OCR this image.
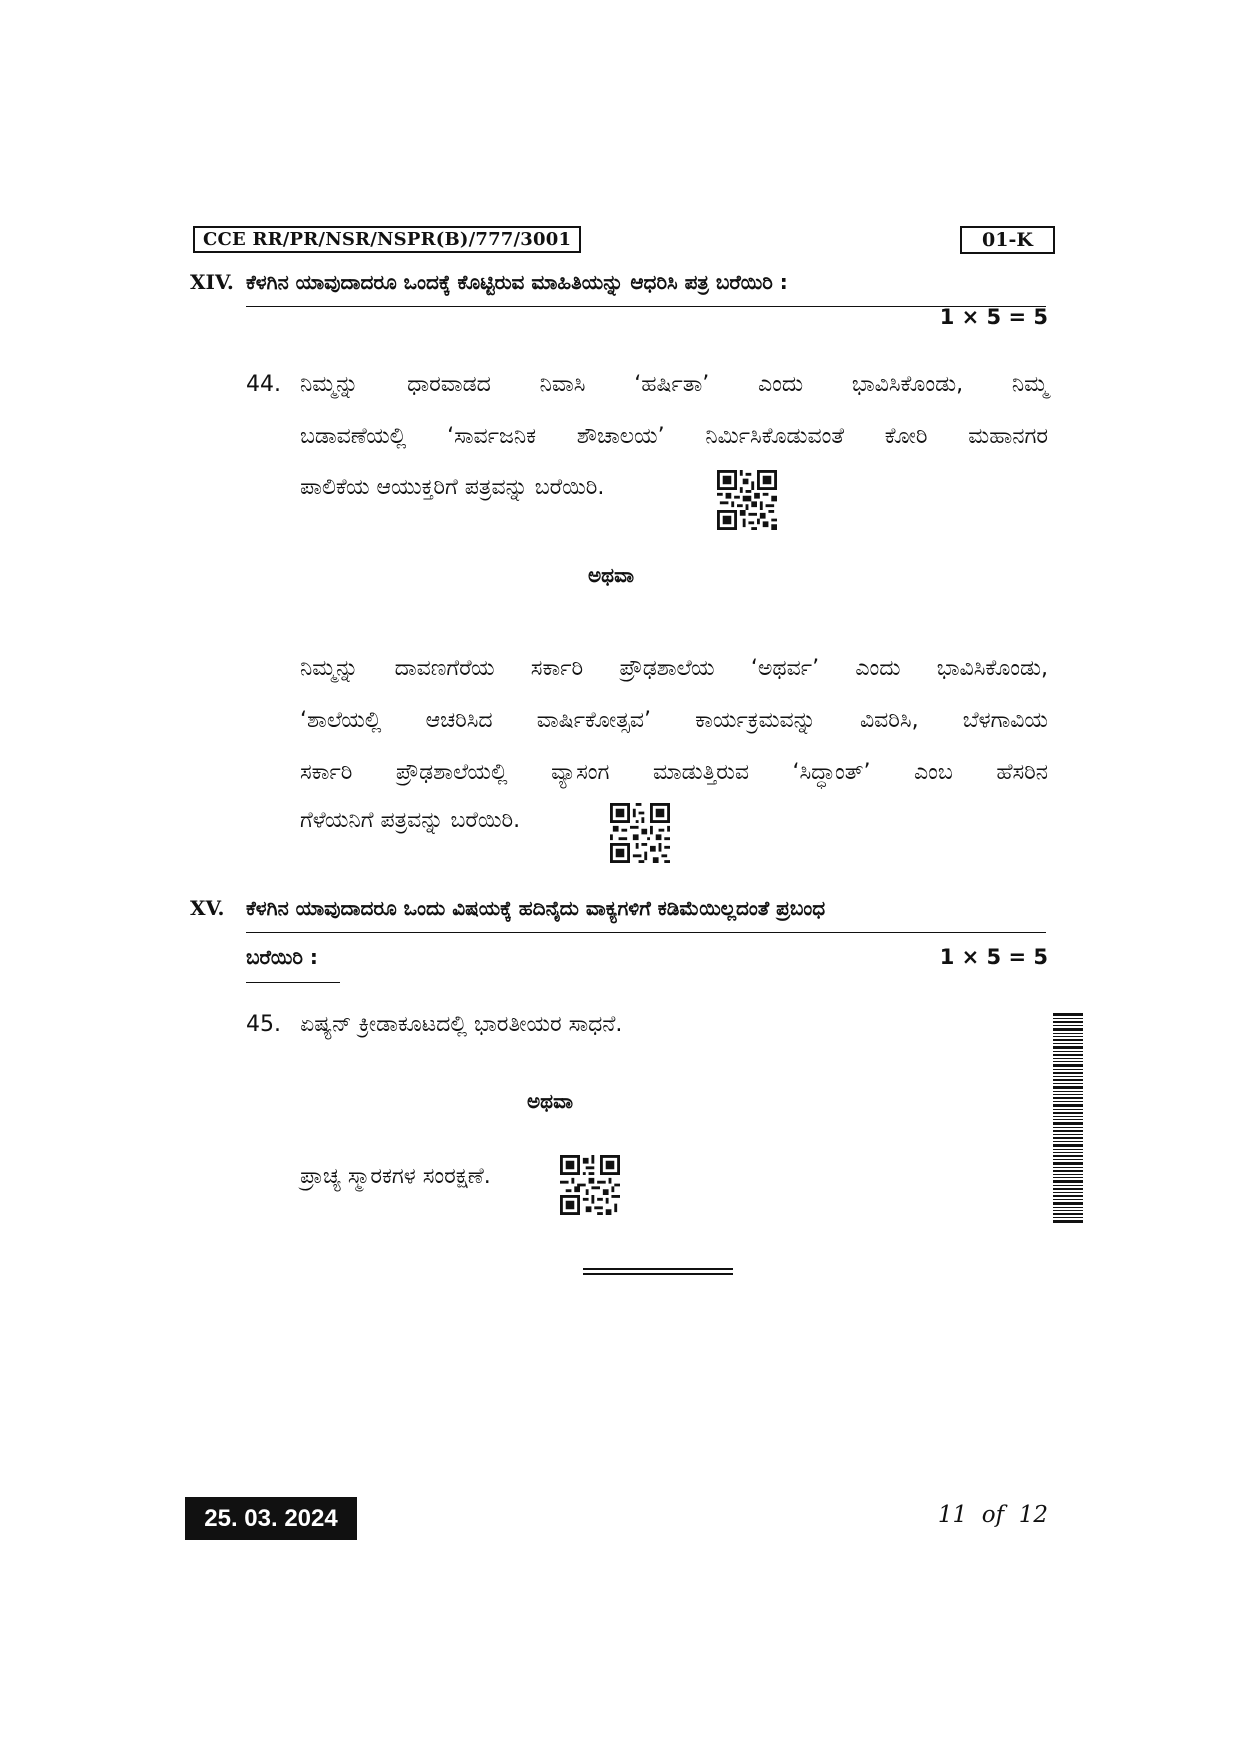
CCE RR/PR/NSR/NSPR(B)/777/3001	01-K
XIV. ಕೆಳಗಿನ ಯಾವುದಾದರೂ ಒಂದಕ್ಕೆ ಕೊಟ್ಟಿರುವ ಮಾಹಿತಿಯನ್ನು ಆಧರಿಸಿ ಪತ್ರ ಬರೆಯಿರಿ :
1 × 5 = 5
44. ನಿಮ್ಮನ್ನು ಧಾರವಾಡದ ನಿವಾಸಿ ‘ಹರ್ಷಿತಾ’ ಎಂದು ಭಾವಿಸಿಕೊಂಡು, ನಿಮ್ಮ
ಬಡಾವಣೆಯಲ್ಲಿ ‘ಸಾರ್ವಜನಿಕ ಶೌಚಾಲಯ’ ನಿರ್ಮಿಸಿಕೊಡುವಂತೆ ಕೋರಿ ಮಹಾನಗರ
ಪಾಲಿಕೆಯ ಆಯುಕ್ತರಿಗೆ ಪತ್ರವನ್ನು ಬರೆಯಿರಿ.
ಅಥವಾ
ನಿಮ್ಮನ್ನು ದಾವಣಗೆರೆಯ ಸರ್ಕಾರಿ ಪ್ರೌಢಶಾಲೆಯ ‘ಅಥರ್ವ’ ಎಂದು ಭಾವಿಸಿಕೊಂಡು,
‘ಶಾಲೆಯಲ್ಲಿ ಆಚರಿಸಿದ ವಾರ್ಷಿಕೋತ್ಸವ’ ಕಾರ್ಯಕ್ರಮವನ್ನು ವಿವರಿಸಿ, ಬೆಳಗಾವಿಯ
ಸರ್ಕಾರಿ ಪ್ರೌಢಶಾಲೆಯಲ್ಲಿ ವ್ಯಾಸಂಗ ಮಾಡುತ್ತಿರುವ ‘ಸಿದ್ಧಾಂತ್’ ಎಂಬ ಹೆಸರಿನ
ಗೆಳೆಯನಿಗೆ ಪತ್ರವನ್ನು ಬರೆಯಿರಿ.
XV. ಕೆಳಗಿನ ಯಾವುದಾದರೂ ಒಂದು ವಿಷಯಕ್ಕೆ ಹದಿನೈದು ವಾಕ್ಯಗಳಿಗೆ ಕಡಿಮೆಯಿಲ್ಲದಂತೆ ಪ್ರಬಂಧ
ಬರೆಯಿರಿ :	1 × 5 = 5
45. ಏಷ್ಯನ್ ಕ್ರೀಡಾಕೂಟದಲ್ಲಿ ಭಾರತೀಯರ ಸಾಧನೆ.
ಅಥವಾ
ಪ್ರಾಚ್ಯ ಸ್ಮಾರಕಗಳ ಸಂರಕ್ಷಣೆ.
25. 03. 2024	11  of  12
